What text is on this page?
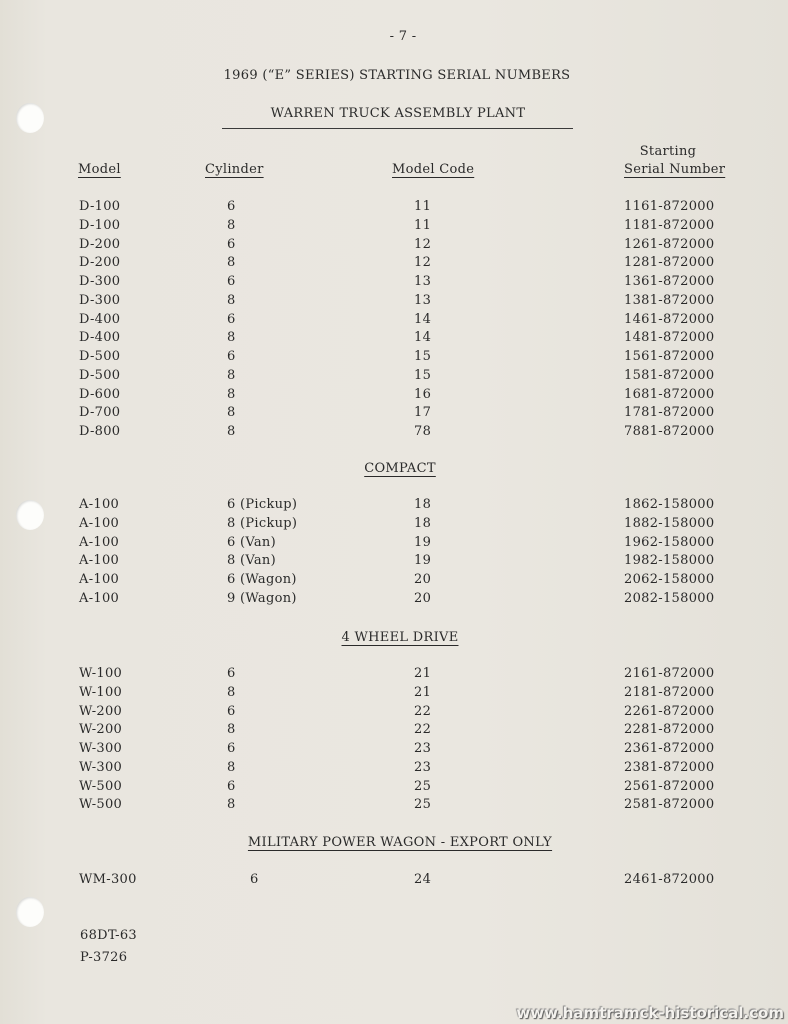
- 7 -
1969 (“E” SERIES) STARTING SERIAL NUMBERS
WARREN TRUCK ASSEMBLY PLANT
Starting
Model	Cylinder	Model Code	Serial Number
D-100	6	11	1161-872000
D-100	8	11	1181-872000
D-200	6	12	1261-872000
D-200	8	12	1281-872000
D-300	6	13	1361-872000
D-300	8	13	1381-872000
D-400	6	14	1461-872000
D-400	8	14	1481-872000
D-500	6	15	1561-872000
D-500	8	15	1581-872000
D-600	8	16	1681-872000
D-700	8	17	1781-872000
D-800	8	78	7881-872000
COMPACT
A-100	6 (Pickup)	18	1862-158000
A-100	8 (Pickup)	18	1882-158000
A-100	6 (Van)	19	1962-158000
A-100	8 (Van)	19	1982-158000
A-100	6 (Wagon)	20	2062-158000
A-100	9 (Wagon)	20	2082-158000
4 WHEEL DRIVE
W-100	6	21	2161-872000
W-100	8	21	2181-872000
W-200	6	22	2261-872000
W-200	8	22	2281-872000
W-300	6	23	2361-872000
W-300	8	23	2381-872000
W-500	6	25	2561-872000
W-500	8	25	2581-872000
MILITARY POWER WAGON - EXPORT ONLY
WM-300	6	24	2461-872000
68DT-63
P-3726
www.hamtramck-historical.com
